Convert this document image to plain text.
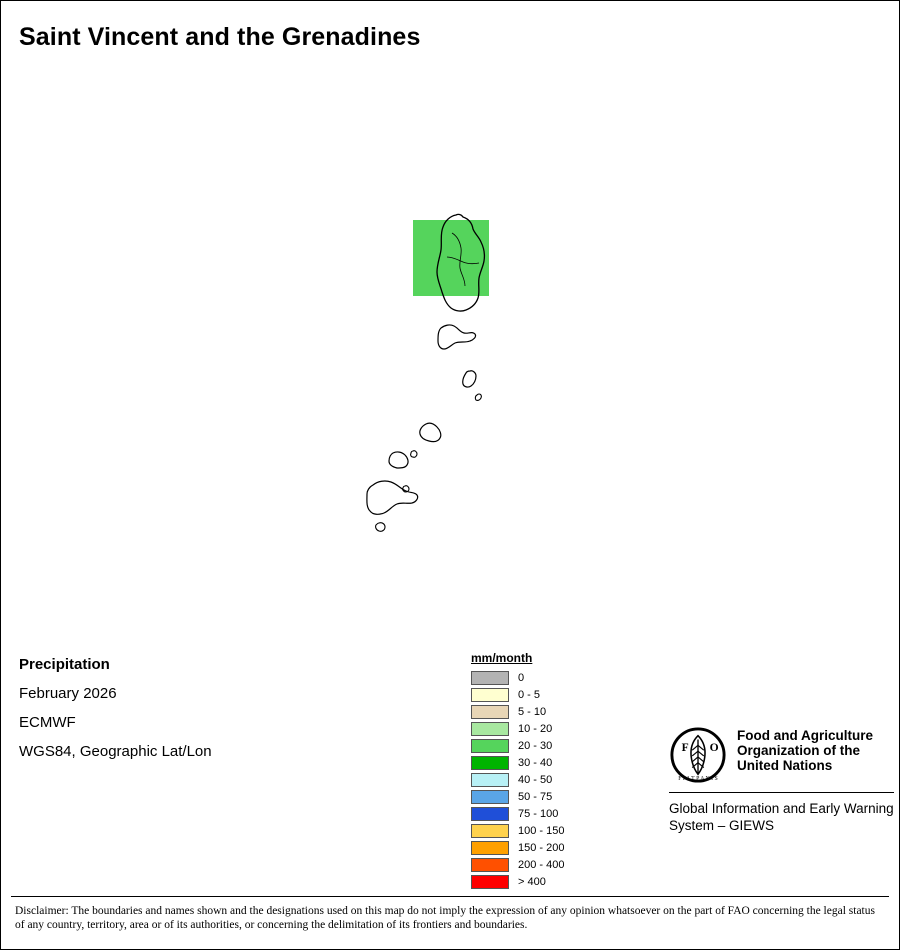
Saint Vincent and the Grenadines
Precipitation
February 2026
ECMWF
WGS84, Geographic Lat/Lon
mm/month
0
0 - 5
5 - 10
10 - 20
20 - 30
30 - 40
40 - 50
50 - 75
75 - 100
100 - 150
150 - 200
200 - 400
> 400
F O
F I A T P A N I S
Food and Agriculture Organization of the United Nations
Global Information and Early Warning System – GIEWS
Disclaimer: The boundaries and names shown and the designations used on this map do not imply the expression of any opinion whatsoever on the part of FAO concerning the legal status of any country, territory, area or of its authorities, or concerning the delimitation of its frontiers and boundaries.
